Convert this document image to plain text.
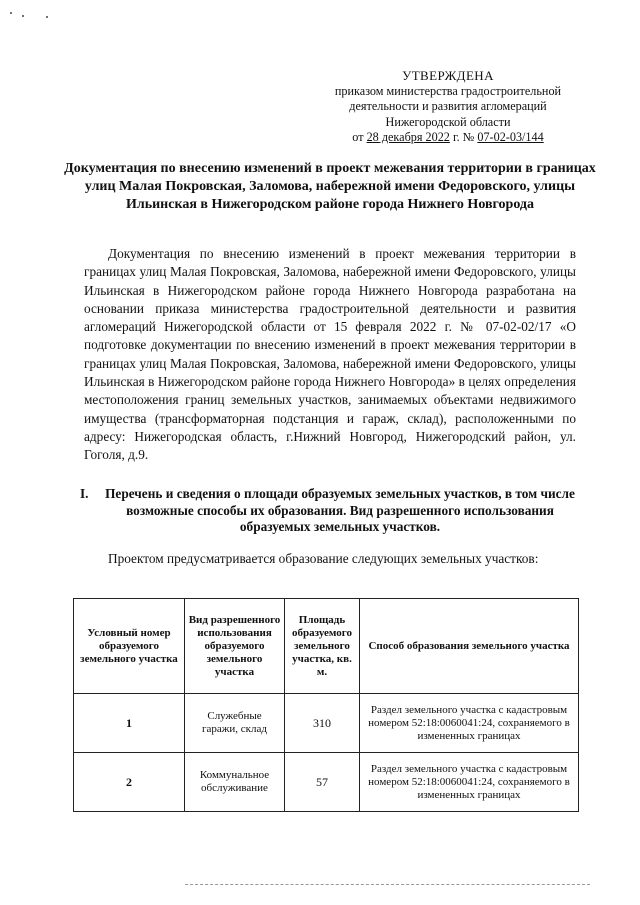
УТВЕРЖДЕНА
приказом министерства градостроительной
деятельности и развития агломераций
Нижегородской области
от 28 декабря 2022 г. № 07-02-03/144
Документация по внесению изменений в проект межевания территории в границах улиц Малая Покровская, Заломова, набережной имени Федоровского, улицы Ильинская в Нижегородском районе города Нижнего Новгорода

Документация по внесению изменений в проект межевания территории в границах улиц Малая Покровская, Заломова, набережной имени Федоровского, улицы Ильинская в Нижегородском районе города Нижнего Новгорода разработана на основании приказа министерства градостроительной деятельности и развития агломераций Нижегородской области от 15 февраля 2022 г. № 07-02-02/17 «О подготовке документации по внесению изменений в проект межевания территории в границах улиц Малая Покровская, Заломова, набережной имени Федоровского, улицы Ильинская в Нижегородском районе города Нижнего Новгорода» в целях определения местоположения границ земельных участков, занимаемых объектами недвижимого имущества (трансформаторная подстанция и гараж, склад), расположенными по адресу: Нижегородская область, г.Нижний Новгород, Нижегородский район, ул. Гоголя, д.9.

I.	Перечень и сведения о площади образуемых земельных участков, в том числе возможные способы их образования. Вид разрешенного использования образуемых земельных участков.

Проектом предусматривается образование следующих земельных участков:

Условный номер образуемого земельного участка	Вид разрешенного использования образуемого земельного участка	Площадь образуемого земельного участка, кв. м.	Способ образования земельного участка
1	Служебные гаражи, склад	310	Раздел земельного участка с кадастровым номером 52:18:0060041:24, сохраняемого в измененных границах
2	Коммунальное обслуживание	57	Раздел земельного участка с кадастровым номером 52:18:0060041:24, сохраняемого в измененных границах
